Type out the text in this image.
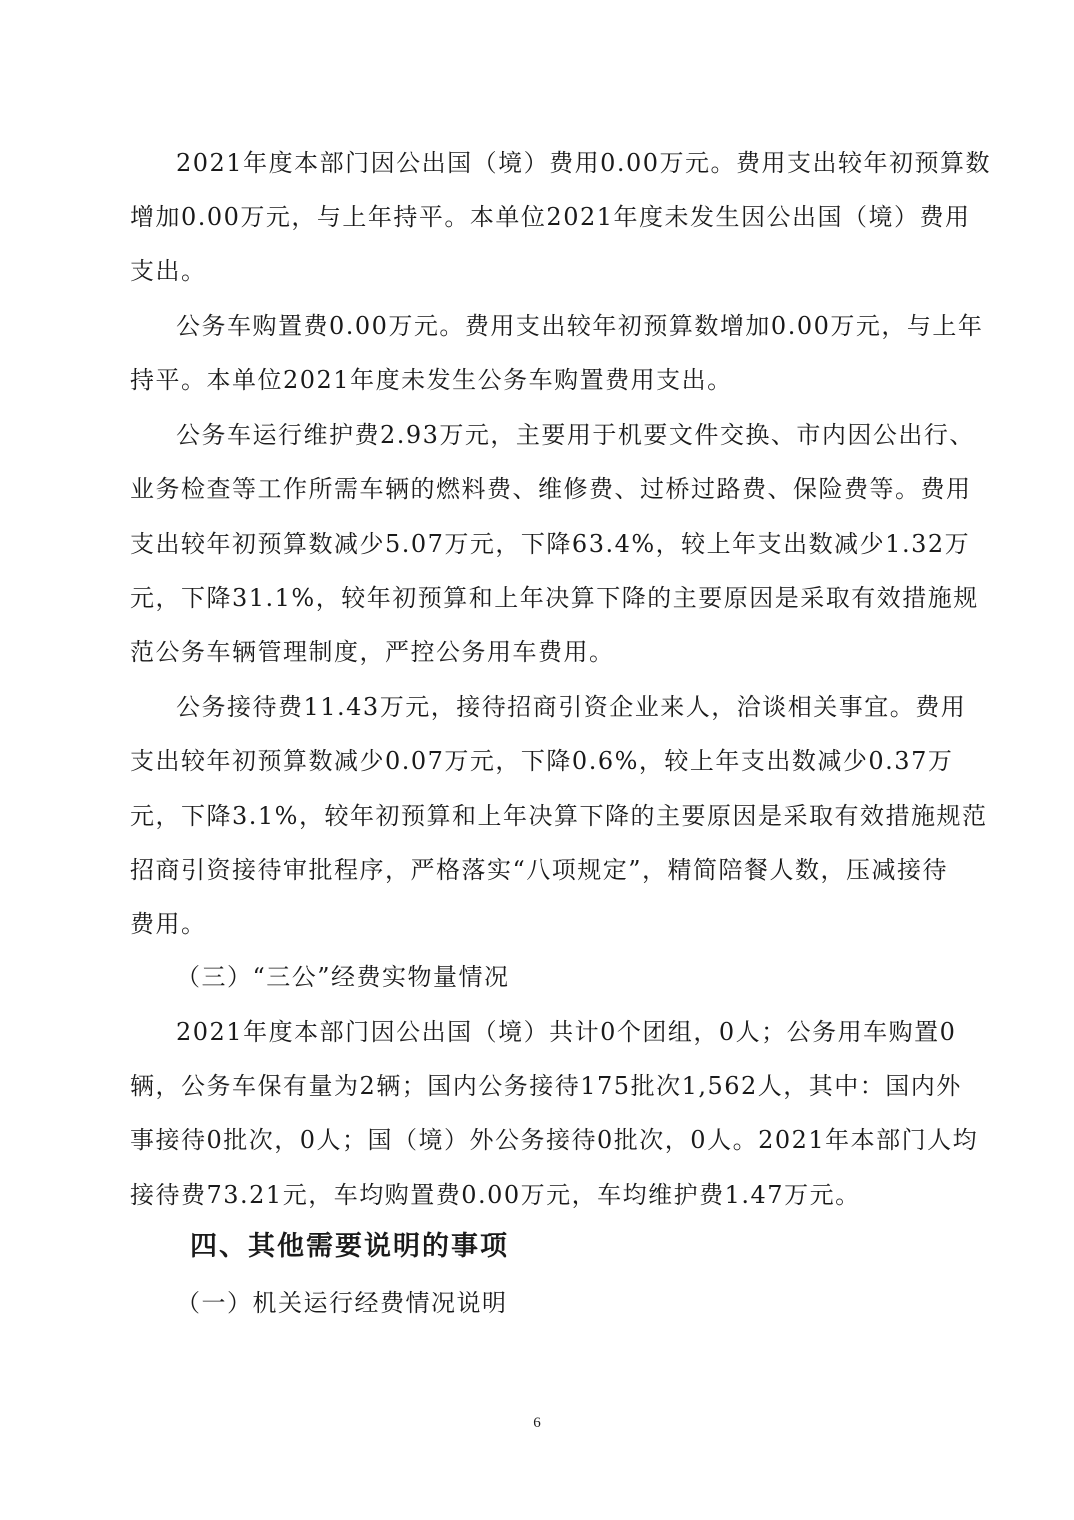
2021年度本部门因公出国（境）费用0.00万元。费用支出较年初预算数
增加0.00万元，与上年持平。本单位2021年度未发生因公出国（境）费用
支出。
公务车购置费0.00万元。费用支出较年初预算数增加0.00万元，与上年
持平。本单位2021年度未发生公务车购置费用支出。
公务车运行维护费2.93万元，主要用于机要文件交换、市内因公出行、
业务检查等工作所需车辆的燃料费、维修费、过桥过路费、保险费等。费用
支出较年初预算数减少5.07万元，下降63.4%，较上年支出数减少1.32万
元，下降31.1%，较年初预算和上年决算下降的主要原因是采取有效措施规
范公务车辆管理制度，严控公务用车费用。
公务接待费11.43万元，接待招商引资企业来人，洽谈相关事宜。费用
支出较年初预算数减少0.07万元，下降0.6%，较上年支出数减少0.37万
元，下降3.1%，较年初预算和上年决算下降的主要原因是采取有效措施规范
招商引资接待审批程序，严格落实“八项规定”，精简陪餐人数，压减接待
费用。
（三）“三公”经费实物量情况
2021年度本部门因公出国（境）共计0个团组，0人；公务用车购置0
辆，公务车保有量为2辆；国内公务接待175批次1,562人，其中：国内外
事接待0批次，0人；国（境）外公务接待0批次，0人。2021年本部门人均
接待费73.21元，车均购置费0.00万元，车均维护费1.47万元。
四、其他需要说明的事项
（一）机关运行经费情况说明
6
